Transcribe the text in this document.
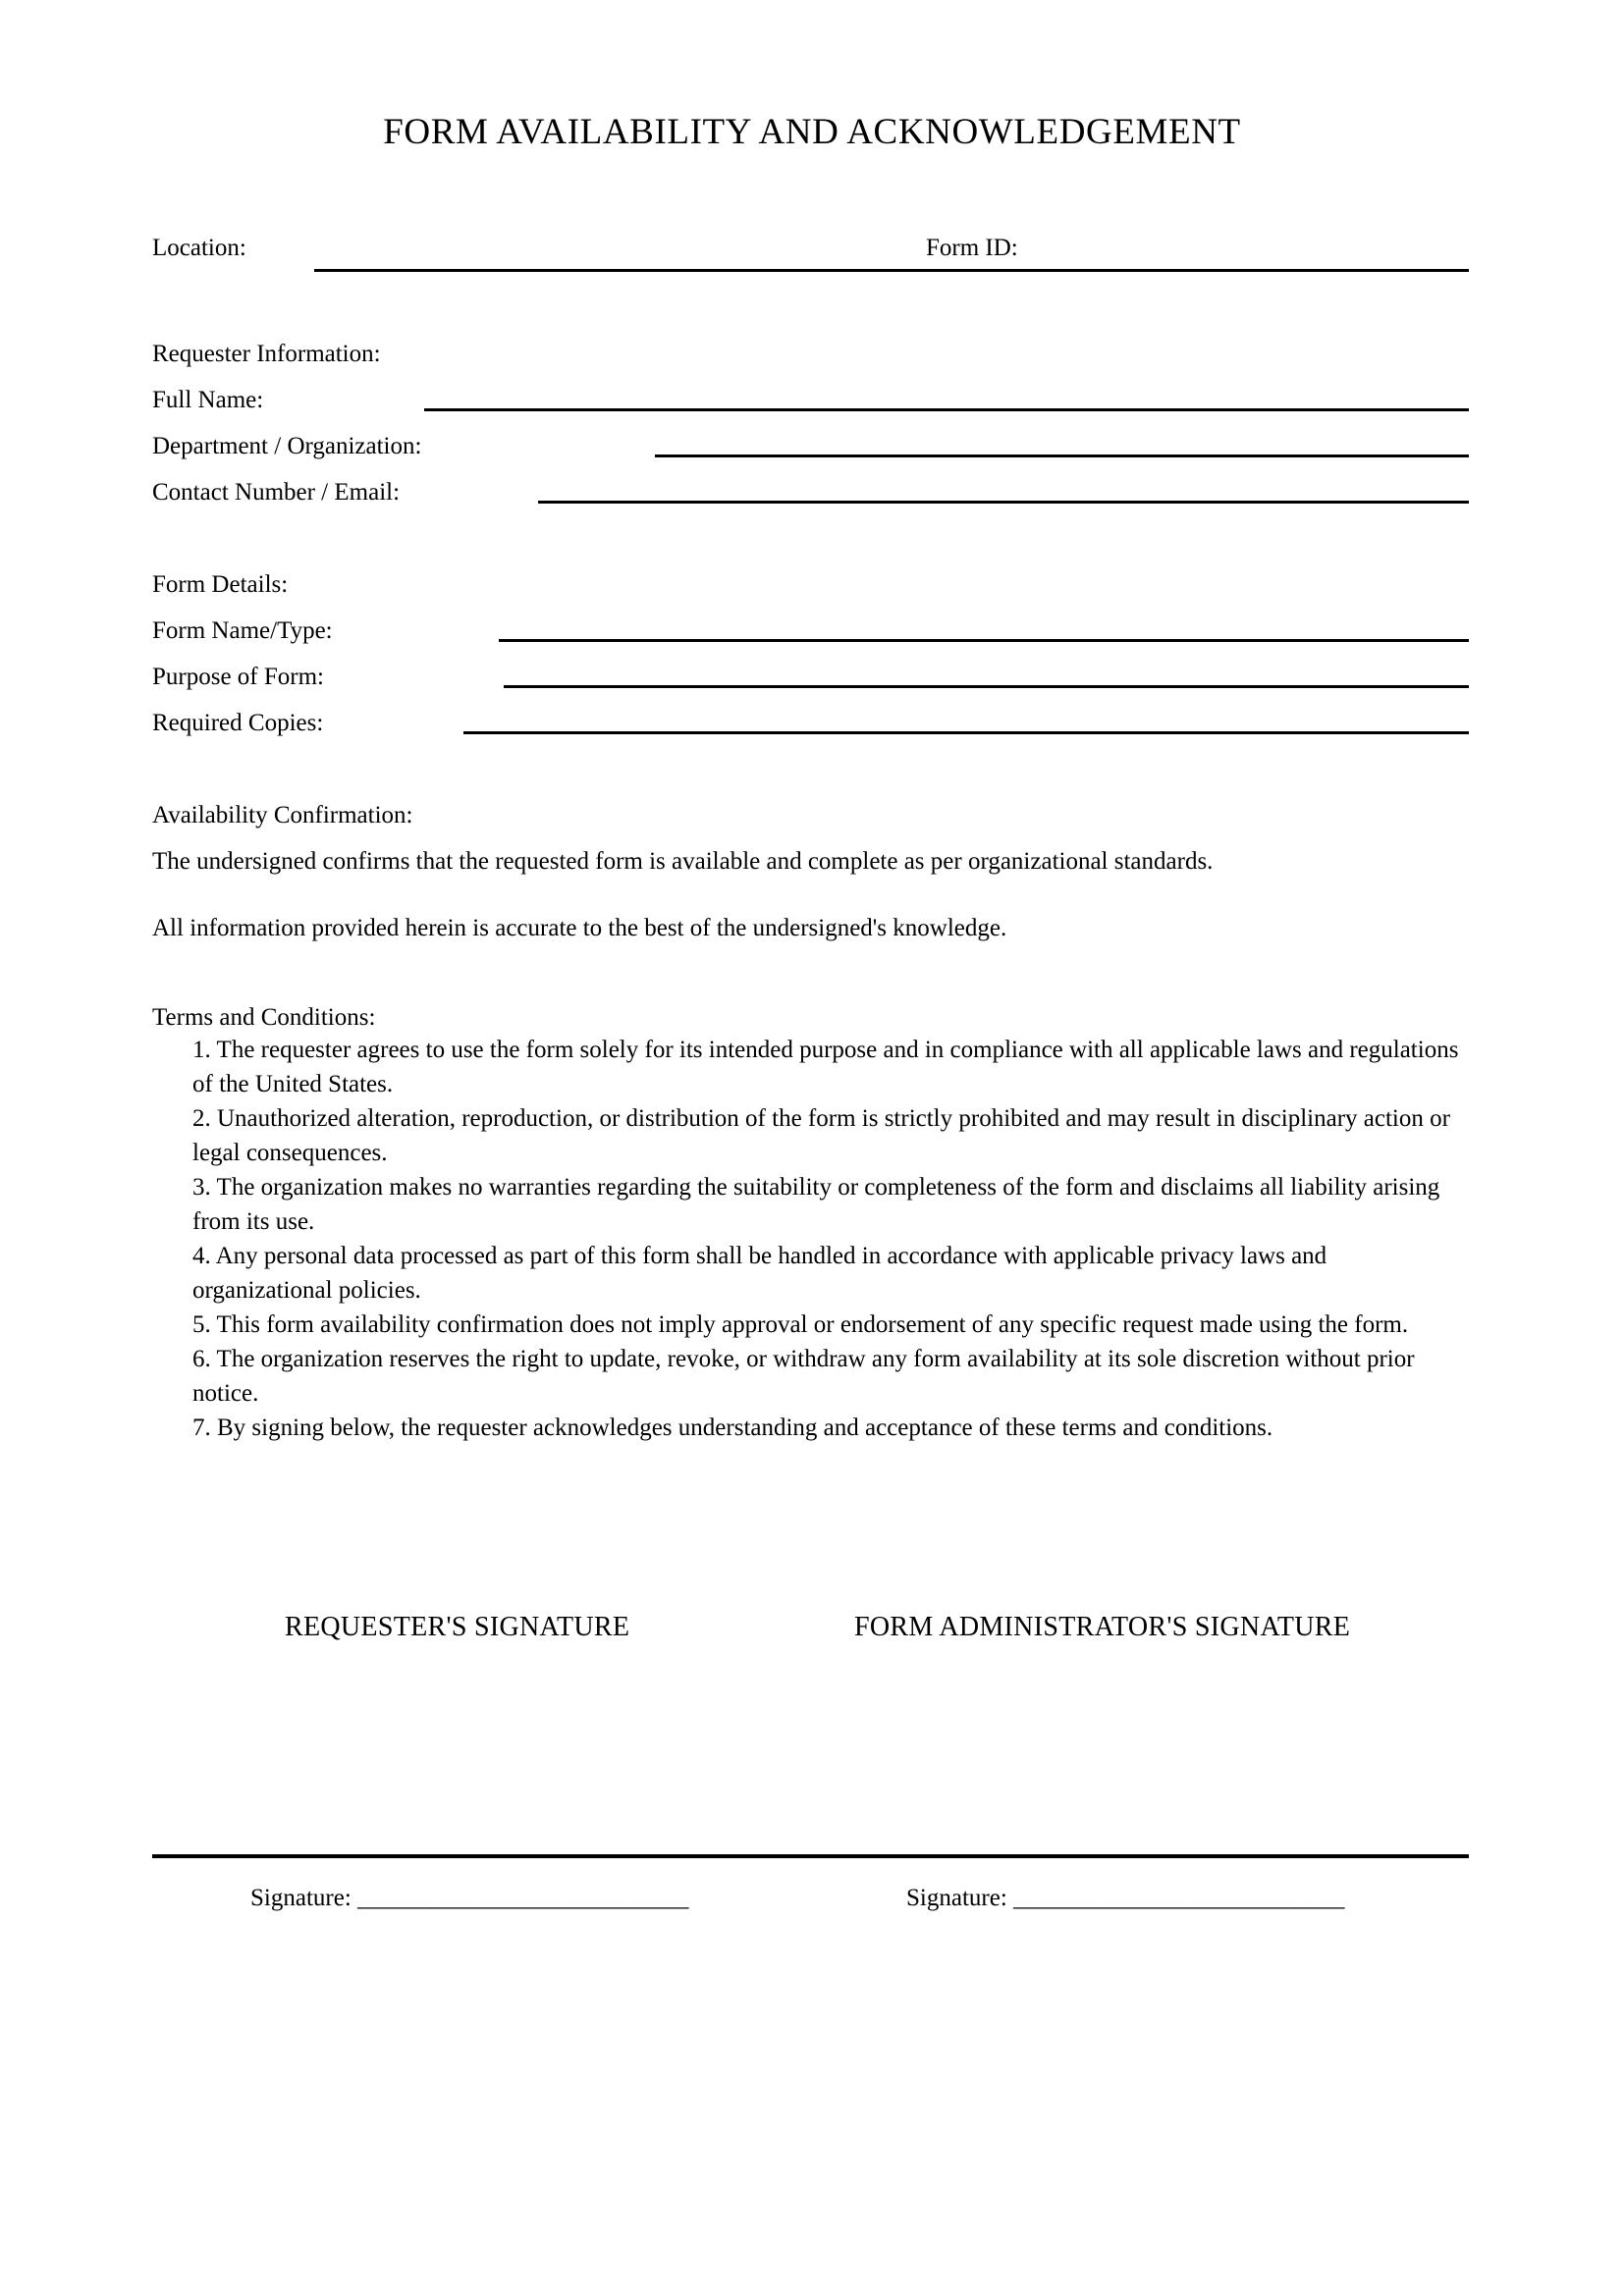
FORM AVAILABILITY AND ACKNOWLEDGEMENT
Location:	Form ID:
Requester Information:
Full Name:
Department / Organization:
Contact Number / Email:
Form Details:
Form Name/Type:
Purpose of Form:
Required Copies:
Availability Confirmation:
The undersigned confirms that the requested form is available and complete as per organizational standards.
All information provided herein is accurate to the best of the undersigned's knowledge.
Terms and Conditions:

1. The requester agrees to use the form solely for its intended purpose and in compliance with all applicable laws and regulations of the United States.

2. Unauthorized alteration, reproduction, or distribution of the form is strictly prohibited and may result in disciplinary action or legal consequences.

3. The organization makes no warranties regarding the suitability or completeness of the form and disclaims all liability arising from its use.

4. Any personal data processed as part of this form shall be handled in accordance with applicable privacy laws and organizational policies.

5. This form availability confirmation does not imply approval or endorsement of any specific request made using the form.

6. The organization reserves the right to update, revoke, or withdraw any form availability at its sole discretion without prior notice.

7. By signing below, the requester acknowledges understanding and acceptance of these terms and conditions.

REQUESTER'S SIGNATURE	FORM ADMINISTRATOR'S SIGNATURE
Signature: ___________________________	Signature: ___________________________
